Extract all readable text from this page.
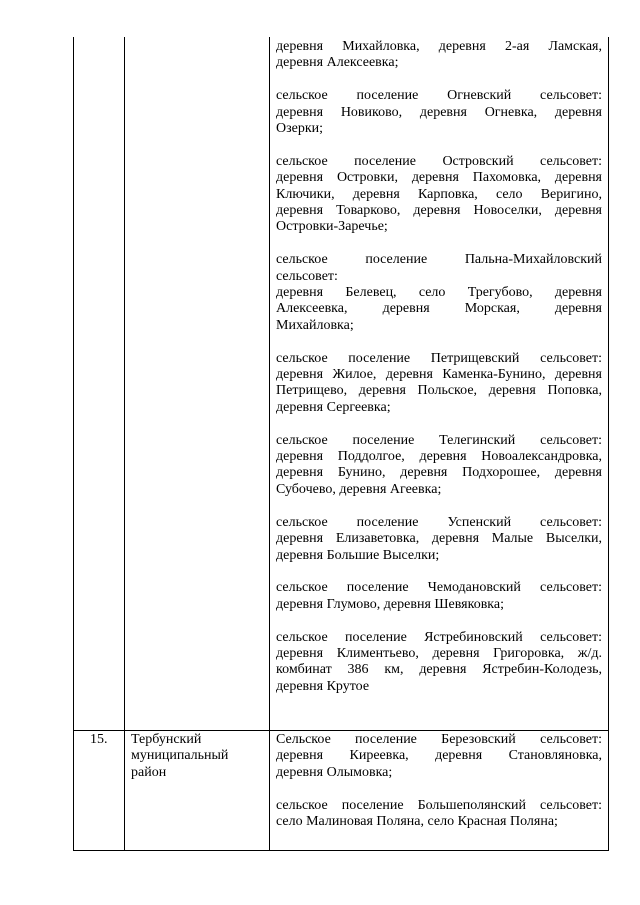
деревня Михайловка, деревня 2-ая Ламская,
деревня Алексеевка;
сельское поселение Огневский сельсовет:
деревня Новиково, деревня Огневка, деревня
Озерки;
сельское поселение Островский сельсовет:
деревня Островки, деревня Пахомовка, деревня
Ключики, деревня Карповка, село Веригино,
деревня Товарково, деревня Новоселки, деревня
Островки-Заречье;
сельское поселение Пальна-Михайловский
сельсовет:
деревня Белевец, село Трегубово, деревня
Алексеевка, деревня Морская, деревня
Михайловка;
сельское поселение Петрищевский сельсовет:
деревня Жилое, деревня Каменка-Бунино, деревня
Петрищево, деревня Польское, деревня Поповка,
деревня Сергеевка;
сельское поселение Телегинский сельсовет:
деревня Поддолгое, деревня Новоалександровка,
деревня Бунино, деревня Подхорошее, деревня
Субочево, деревня Агеевка;
сельское поселение Успенский сельсовет:
деревня Елизаветовка, деревня Малые Выселки,
деревня Большие Выселки;
сельское поселение Чемодановский сельсовет:
деревня Глумово, деревня Шевяковка;
сельское поселение Ястребиновский сельсовет:
деревня Климентьево, деревня Григоровка, ж/д.
комбинат 386 км, деревня Ястребин-Колодезь,
деревня Крутое
15. Тербунский
муниципальный
район
Сельское поселение Березовский сельсовет:
деревня Киреевка, деревня Становляновка,
деревня Олымовка;
сельское поселение Большеполянский сельсовет:
село Малиновая Поляна, село Красная Поляна;
